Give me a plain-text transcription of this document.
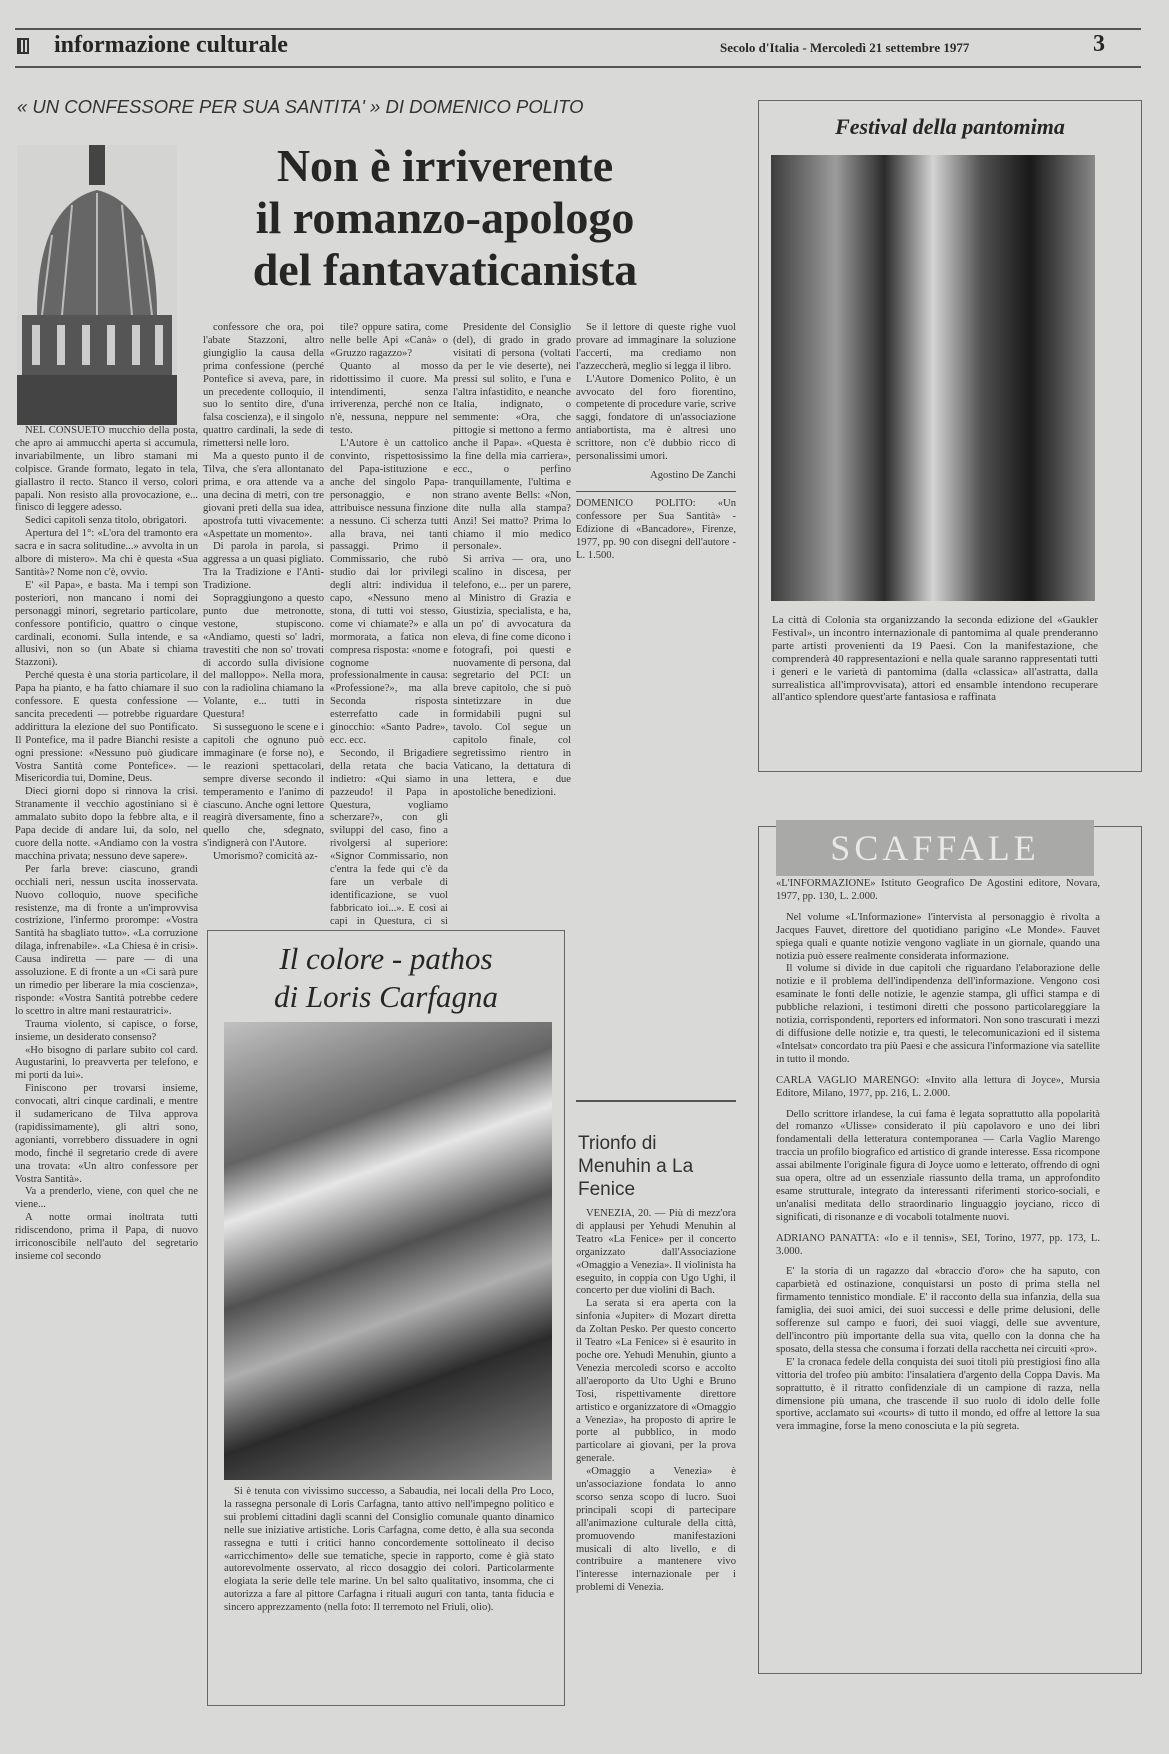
informazione culturale	Secolo d'Italia - Mercoledì 21 settembre 1977	3
« UN CONFESSORE PER SUA SANTITA' » DI DOMENICO POLITO
Non è irriverente
il romanzo-apologo
del fantavaticanista

NEL CONSUETO mucchio della posta, che apro ai ammucchi aperta si accumula, invariabilmente, un libro stamani mi colpisce. Grande formato, legato in tela, giallastro il recto. Stanco il verso, colori papali. Non resisto alla provocazione, e... finisco di leggere adesso.

Sedici capitoli senza titolo, obrigatori.

Apertura del 1°: «L'ora del tramonto era sacra e in sacra solitudine...» avvolta in un albore di mistero». Ma chi è questa «Sua Santità»? Nome non c'è, ovvio.

E' «il Papa», e basta. Ma i tempi son posteriori, non mancano i nomi dei personaggi minori, segretario particolare, confessore pontificio, quattro o cinque cardinali, economi. Sulla intende, e sa allusivi, non so (un Abate si chiama Stazzoni).

Perché questa è una storia particolare, il Papa ha pianto, e ha fatto chiamare il suo confessore. E questa confessione — sancita precedenti — potrebbe riguardare addirittura la elezione del suo Pontificato. Il Pontefice, ma il padre Bianchi resiste a ogni pressione: «Nessuno può giudicare Vostra Santità come Pontefice». — Misericordia tui, Domine, Deus.

Dieci giorni dopo si rinnova la crisi. Stranamente il vecchio agostiniano si è ammalato subito dopo la febbre alta, e il Papa decide di andare lui, da solo, nel cuore della notte. «Andiamo con la vostra macchina privata; nessuno deve sapere».

Per farla breve: ciascuno, grandi occhiali neri, nessun uscita inosservata. Nuovo colloquio, nuove specifiche resistenze, ma di fronte a un'improvvisa costrizione, l'infermo prorompe: «Vostra Santità ha sbagliato tutto». «La corruzione dilaga, infrenabile». «La Chiesa è in crisi». Causa indiretta — pare — di una assoluzione. E di fronte a un «Ci sarà pure un rimedio per liberare la mia coscienza», risponde: «Vostra Santità potrebbe cedere lo scettro in altre mani restauratrici».

Trauma violento, si capisce, o forse, insieme, un desiderato consenso?

«Ho bisogno di parlare subito col card. Augustarini, lo preavverta per telefono, e mi porti da lui».

Finiscono per trovarsi insieme, convocati, altri cinque cardinali, e mentre il sudamericano de Tilva approva (rapidissimamente), gli altri sono, agonianti, vorrebbero dissuadere in ogni modo, finché il segretario crede di avere una trovata: «Un altro confessore per Vostra Santità».

Va a prenderlo, viene, con quel che ne viene...

A notte ormai inoltrata tutti ridiscendono, prima il Papa, di nuovo irriconoscibile nell'auto del segretario insieme col secondo

confessore che ora, poi l'abate Stazzoni, altro giungiglio la causa della prima confessione (perché Pontefice si aveva, pare, in un precedente colloquio, il suo lo sentito dire, d'una falsa coscienza), e il singolo quattro cardinali, la sede di rimettersi nelle loro.

Ma a questo punto il de Tilva, che s'era allontanato prima, e ora attende va a una decina di metri, con tre giovani preti della sua idea, apostrofa tutti vivacemente: «Aspettate un momento».

Di parola in parola, si aggressa a un quasi pigliato. Tra la Tradizione e l'Anti-Tradizione.

Sopraggiungono a questo punto due metronotte, vestone, stupiscono. «Andiamo, questi so' ladri, travestiti che non so' trovati di accordo sulla divisione del malloppo». Nella mora, con la radiolina chiamano la Volante, e... tutti in Questura!

Si susseguono le scene e i capitoli che ognuno può immaginare (e forse no), e le reazioni spettacolari, sempre diverse secondo il temperamento e l'animo di ciascuno. Anche ogni lettore reagirà diversamente, fino a quello che, sdegnato, s'indignerà con l'Autore.

Umorismo? comicità az-

tile? oppure satira, come nelle belle Api «Canà» o «Gruzzo ragazzo»?

Quanto al mosso ridottissimo il cuore. Ma intendimenti, senza irriverenza, perché non ce n'è, nessuna, neppure nel testo.

L'Autore è un cattolico convinto, rispettosissimo del Papa-istituzione e anche del singolo Papa-personaggio, e non attribuisce nessuna finzione a nessuno. Ci scherza tutti alla brava, nei tanti passaggi. Primo il Commissario, che rubò studio dai lor privilegi degli altri: individua il capo, «Nessuno meno stona, di tutti voi stesso, come vi chiamate?» e alla mormorata, a fatica non compresa risposta: «nome e cognome professionalmente in causa: «Professione?», ma alla Seconda risposta esterrefatto cade in ginocchio: «Santo Padre», ecc. ecc.

Secondo, il Brigadiere della retata che bacia indietro: «Qui siamo in pazzeudo! il Papa in Questura, vogliamo scherzare?», con gli sviluppi del caso, fino a rivolgersi al superiore: «Signor Commissario, non c'entra la fede qui c'è da fare un verbale di identificazione, se vuol fabbricato ioi...». E così ai capi in Questura, ci si

Presidente del Consiglio (del), di grado in grado visitati di persona (voltati da per le vie deserte), nei pressi sul solito, e l'una e l'altra infastidito, e neanche Italia, indignato, o semmente: «Ora, che pittogie si mettono a fermo anche il Papa». «Questa è la fine della mia carriera», ecc., o perfino tranquillamente, l'ultima e strano avente Bells: «Non, dite nulla alla stampa? Anzi! Sei matto? Prima lo chiamo il mio medico personale».

Si arriva — ora, uno scalino in discesa, per telefono, e... per un parere, al Ministro di Grazia e Giustizia, specialista, e ha, un po' di avvocatura da eleva, di fine come dicono i fotografi, poi questi e nuovamente di persona, dal segretario del PCI: un breve capitolo, che si può sintetizzare in due formidabili pugni sul tavolo. Col segue un capitolo finale, col segretissimo rientro in Vaticano, la dettatura di una lettera, e due apostoliche benedizioni.

Se il lettore di queste righe vuol provare ad immaginare la soluzione l'accerti, ma crediamo non l'azzeccherà, meglio si legga il libro.

L'Autore Domenico Polito, è un avvocato del foro fiorentino, competente di procedure varie, scrive saggi, fondatore di un'associazione antiabortista, ma è altresì uno scrittore, non c'è dubbio ricco di personalissimi umori.

Agostino De Zanchi
DOMENICO POLITO: «Un confessore per Sua Santità» - Edizione di «Bancadore», Firenze, 1977, pp. 90 con disegni dell'autore - L. 1.500.
Trionfo di Menuhin a La Fenice

VENEZIA, 20. — Più di mezz'ora di applausi per Yehudi Menuhin al Teatro «La Fenice» per il concerto organizzato dall'Associazione «Omaggio a Venezia». Il violinista ha eseguito, in coppia con Ugo Ughi, il concerto per due violini di Bach.

La serata si era aperta con la sinfonia «Jupiter» di Mozart diretta da Zoltan Pesko. Per questo concerto il Teatro «La Fenice» si è esaurito in poche ore. Yehudi Menuhin, giunto a Venezia mercoledì scorso e accolto all'aeroporto da Uto Ughi e Bruno Tosi, rispettivamente direttore artistico e organizzatore di «Omaggio a Venezia», ha proposto di aprire le porte al pubblico, in modo particolare ai giovani, per la prova generale.

«Omaggio a Venezia» è un'associazione fondata lo anno scorso senza scopo di lucro. Suoi principali scopi di partecipare all'animazione culturale della città, promuovendo manifestazioni musicali di alto livello, e di contribuire a mantenere vivo l'interesse internazionale per i problemi di Venezia.

Il colore - pathos
di Loris Carfagna

Si è tenuta con vivissimo successo, a Sabaudia, nei locali della Pro Loco, la rassegna personale di Loris Carfagna, tanto attivo nell'impegno politico e sui problemi cittadini dagli scanni del Consiglio comunale quanto dinamico nelle sue iniziative artistiche. Loris Carfagna, come detto, è alla sua seconda rassegna e tutti i critici hanno concordemente sottolineato il deciso «arricchimento» delle sue tematiche, specie in rapporto, come è già stato autorevolmente osservato, al ricco dosaggio dei colori. Particolarmente elogiata la serie delle tele marine. Un bel salto qualitativo, insomma, che ci autorizza a fare al pittore Carfagna i rituali auguri con tanta, tanta fiducia e sincero apprezzamento (nella foto: Il terremoto nel Friuli, olio).

Festival della pantomima

La città di Colonia sta organizzando la seconda edizione del «Gaukler Festival», un incontro internazionale di pantomima al quale prenderanno parte artisti provenienti da 19 Paesi. Con la manifestazione, che comprenderà 40 rappresentazioni e nella quale saranno rappresentati tutti i generi e le varietà di pantomima (dalla «classica» all'astratta, dalla surrealistica all'improvvisata), attori ed ensamble intendono recuperare all'antico splendore quest'arte fantasiosa e raffinata

SCAFFALE
«L'INFORMAZIONE» Istituto Geografico De Agostini editore, Novara, 1977, pp. 130, L. 2.000.

Nel volume «L'Informazione» l'intervista al personaggio è rivolta a Jacques Fauvet, direttore del quotidiano parigino «Le Monde». Fauvet spiega quali e quante notizie vengono vagliate in un giornale, quando una notizia può essere realmente considerata informazione.

Il volume si divide in due capitoli che riguardano l'elaborazione delle notizie e il problema dell'indipendenza dell'informazione. Vengono così esaminate le fonti delle notizie, le agenzie stampa, gli uffici stampa e di pubbliche relazioni, i testimoni diretti che possono particolareggiare la notizia, corrispondenti, reporters ed informatori. Non sono trascurati i mezzi di diffusione delle notizie e, tra questi, le telecomunicazioni ed il sistema «Intelsat» concordato tra più Paesi e che assicura l'informazione via satellite in tutto il mondo.

CARLA VAGLIO MARENGO: «Invito alla lettura di Joyce», Mursia Editore, Milano, 1977, pp. 216, L. 2.000.

Dello scrittore irlandese, la cui fama è legata soprattutto alla popolarità del romanzo «Ulisse» considerato il più capolavoro e uno dei libri fondamentali della letteratura contemporanea — Carla Vaglio Marengo traccia un profilo biografico ed artistico di grande interesse. Essa ricompone assai abilmente l'originale figura di Joyce uomo e letterato, offrendo di ogni sua opera, oltre ad un essenziale riassunto della trama, un approfondito esame strutturale, integrato da interessanti riferimenti storico-sociali, e un'analisi meditata dello straordinario linguaggio joyciano, ricco di significati, di risonanze e di vocaboli totalmente nuovi.

ADRIANO PANATTA: «Io e il tennis», SEI, Torino, 1977, pp. 173, L. 3.000.

E' la storia di un ragazzo dal «braccio d'oro» che ha saputo, con caparbietà ed ostinazione, conquistarsi un posto di prima stella nel firmamento tennistico mondiale. E' il racconto della sua infanzia, della sua famiglia, dei suoi amici, dei suoi successi e delle prime delusioni, delle sofferenze sul campo e fuori, dei suoi viaggi, delle sue avventure, dell'incontro più importante della sua vita, quello con la donna che ha sposato, della stessa che consuma i forzati della racchetta nei circuiti «pro».

E' la cronaca fedele della conquista dei suoi titoli più prestigiosi fino alla vittoria del trofeo più ambito: l'insalatiera d'argento della Coppa Davis. Ma soprattutto, è il ritratto confidenziale di un campione di razza, nella dimensione più umana, che trascende il suo ruolo di idolo delle folle sportive, acclamato sui «courts» di tutto il mondo, ed offre al lettore la sua vera immagine, forse la meno conosciuta e la più segreta.
